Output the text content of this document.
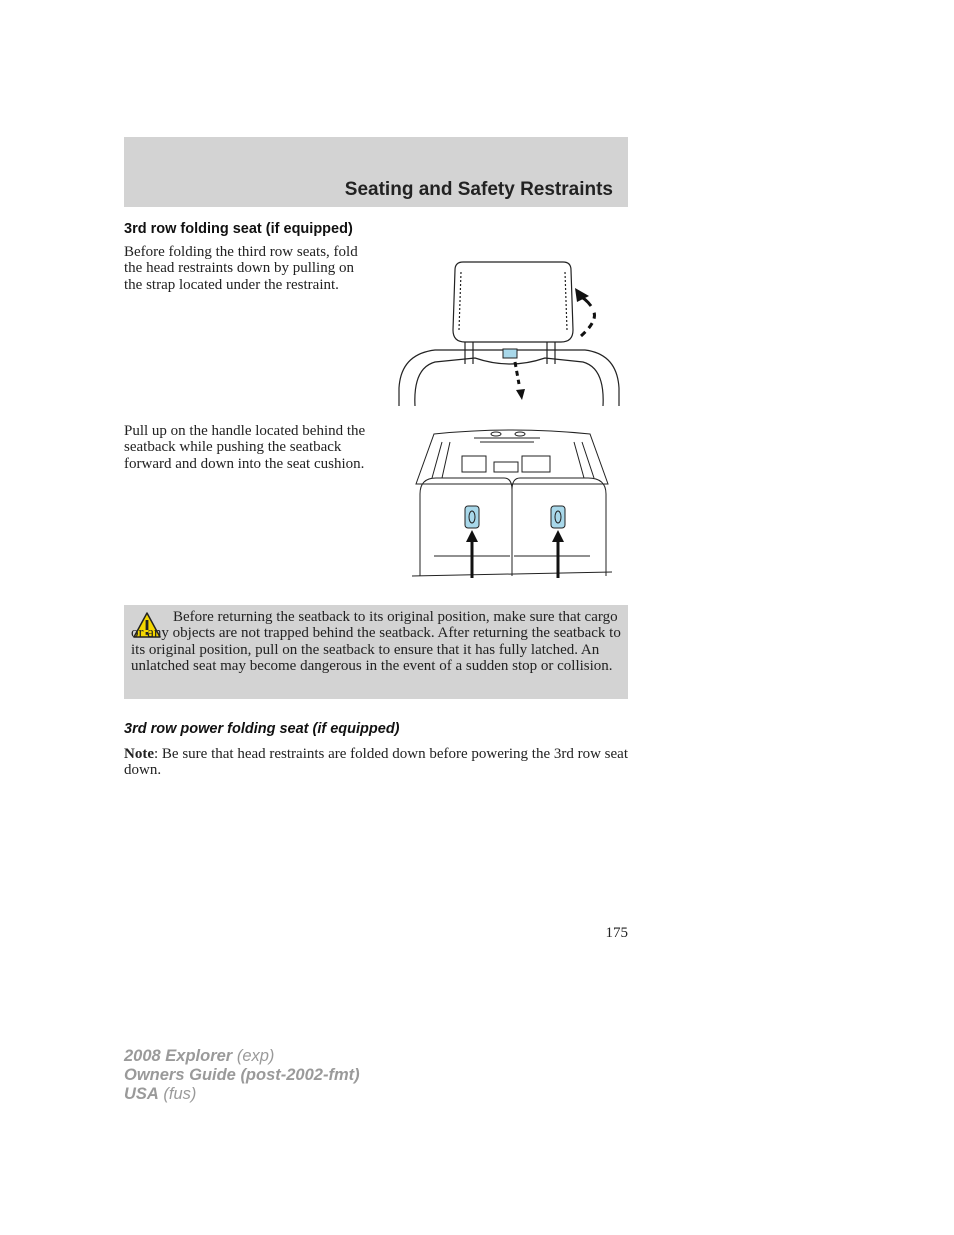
Seating and Safety Restraints
3rd row folding seat (if equipped)
Before folding the third row seats, fold the head restraints down by pulling on the strap located under the restraint.
Pull up on the handle located behind the seatback while pushing the seatback forward and down into the seat cushion.
Before returning the seatback to its original position, make sure that cargo or any objects are not trapped behind the seatback. After returning the seatback to its original position, pull on the seatback to ensure that it has fully latched. An unlatched seat may become dangerous in the event of a sudden stop or collision.
3rd row power folding seat (if equipped)
Note: Be sure that head restraints are folded down before powering the 3rd row seat down.
175
2008 Explorer (exp)
Owners Guide (post-2002-fmt)
USA (fus)
